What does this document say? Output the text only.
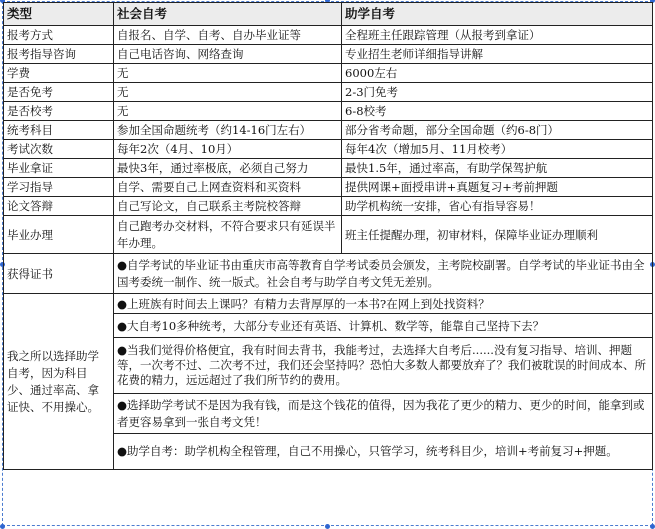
类型	社会自考	助学自考
报考方式	自报名、自学、自考、自办毕业证等	全程班主任跟踪管理（从报考到拿证）
报考指导咨询	自己电话咨询、网络查询	专业招生老师详细指导讲解
学费	无	6000左右
是否免考	无	2-3门免考
是否校考	无	6-8校考
统考科目	参加全国命题统考（约14-16门左右）	部分省考命题，部分全国命题（约6-8门）
考试次数	每年2次（4月、10月）	每年4次（增加5月、11月校考）
毕业拿证	最快3年，通过率极底，必须自己努力	最快1.5年，通过率高，有助学保驾护航
学习指导	自学、需要自己上网查资料和买资料	提供网课+面授串讲+真题复习+考前押题
论文答辩	自己写论文，自己联系主考院校答辩	助学机构统一安排，省心有指导容易！
毕业办理	自己跑考办交材料，不符合要求只有延误半年办理。	班主任提醒办理，初审材料，保障毕业证办理顺利
获得证书	●自学考试的毕业证书由重庆市高等教育自学考试委员会颁发，主考院校副署。自学考试的毕业证书由全国考委统一制作、统一版式。社会自考与助学自考文凭无差别。	
我之所以选择助学自考，因为科目少、通过率高、拿证快、不用操心。	●上班族有时间去上课吗？有精力去背厚厚的一本书?在网上到处找资料？	
	●大自考10多种统考，大部分专业还有英语、计算机、数学等，能靠自己坚持下去？	
	●当我们觉得价格便宜，我有时间去背书，我能考过，去选择大自考后......没有复习指导、培训、押题等，一次考不过、二次考不过，我们还会坚持吗？恐怕大多数人都要放弃了？我们被耽误的时间成本、所花费的精力，远远超过了我们所节约的费用。	
	●选择助学考试不是因为我有钱，而是这个钱花的值得，因为我花了更少的精力、更少的时间，能拿到或者更容易拿到一张自考文凭！	
	●助学自考：助学机构全程管理，自己不用操心，只管学习，统考科目少，培训+考前复习+押题。	
